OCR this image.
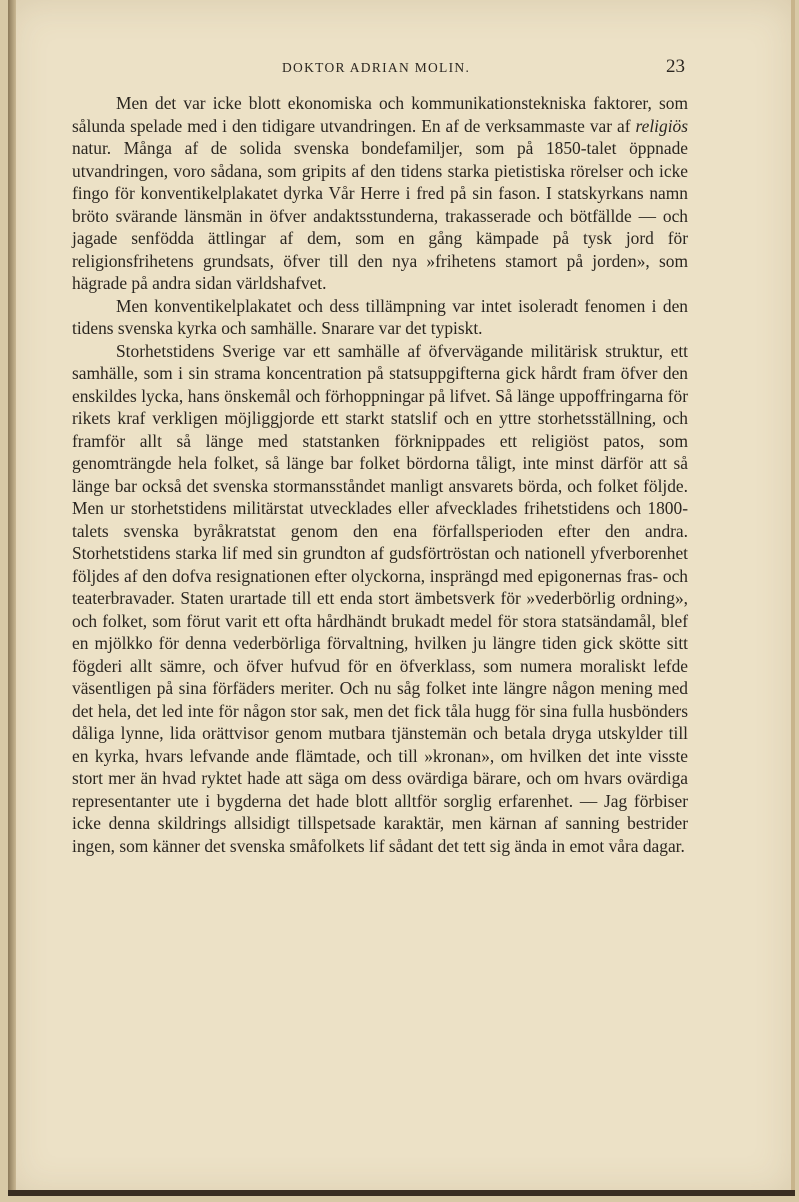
DOKTOR ADRIAN MOLIN.	23

Men det var icke blott ekonomiska och kommunikationstekniska faktorer, som sålunda spelade med i den tidigare utvandringen. En af de verksammaste var af religiös natur. Många af de solida svenska bondefamiljer, som på 1850-talet öppnade utvandringen, voro sådana, som gripits af den tidens starka pietistiska rörelser och icke fingo för konventikelplakatet dyrka Vår Herre i fred på sin fason. I statskyrkans namn bröto svärande länsmän in öfver andaktsstunderna, trakasserade och bötfällde — och jagade senfödda ättlingar af dem, som en gång kämpade på tysk jord för religionsfrihetens grundsats, öfver till den nya »frihetens stamort på jorden», som hägrade på andra sidan världshafvet.

Men konventikelplakatet och dess tillämpning var intet isoleradt fenomen i den tidens svenska kyrka och samhälle. Snarare var det typiskt.

Storhetstidens Sverige var ett samhälle af öfvervägande militärisk struktur, ett samhälle, som i sin strama koncentration på statsuppgifterna gick hårdt fram öfver den enskildes lycka, hans önskemål och förhoppningar på lifvet. Så länge uppoffringarna för rikets kraf verkligen möjliggjorde ett starkt statslif och en yttre storhetsställning, och framför allt så länge med statstanken förknippades ett religiöst patos, som genomträngde hela folket, så länge bar folket bördorna tåligt, inte minst därför att så länge bar också det svenska stormansståndet manligt ansvarets börda, och folket följde. Men ur storhetstidens militärstat utvecklades eller afvecklades frihetstidens och 1800-talets svenska byråkratstat genom den ena förfallsperioden efter den andra. Storhetstidens starka lif med sin grundton af gudsförtröstan och nationell yfverborenhet följdes af den dofva resignationen efter olyckorna, insprängd med epigonernas fras- och teaterbravader. Staten urartade till ett enda stort ämbetsverk för »vederbörlig ordning», och folket, som förut varit ett ofta hårdhändt brukadt medel för stora statsändamål, blef en mjölkko för denna vederbörliga förvaltning, hvilken ju längre tiden gick skötte sitt fögderi allt sämre, och öfver hufvud för en öfverklass, som numera moraliskt lefde väsentligen på sina förfäders meriter. Och nu såg folket inte längre någon mening med det hela, det led inte för någon stor sak, men det fick tåla hugg för sina fulla husbönders dåliga lynne, lida orättvisor genom mutbara tjänstemän och betala dryga utskylder till en kyrka, hvars lefvande ande flämtade, och till »kronan», om hvilken det inte visste stort mer än hvad ryktet hade att säga om dess ovärdiga bärare, och om hvars ovärdiga representanter ute i bygderna det hade blott alltför sorglig erfarenhet. — Jag förbiser icke denna skildrings allsidigt tillspetsade karaktär, men kärnan af sanning bestrider ingen, som känner det svenska småfolkets lif sådant det tett sig ända in emot våra dagar.
